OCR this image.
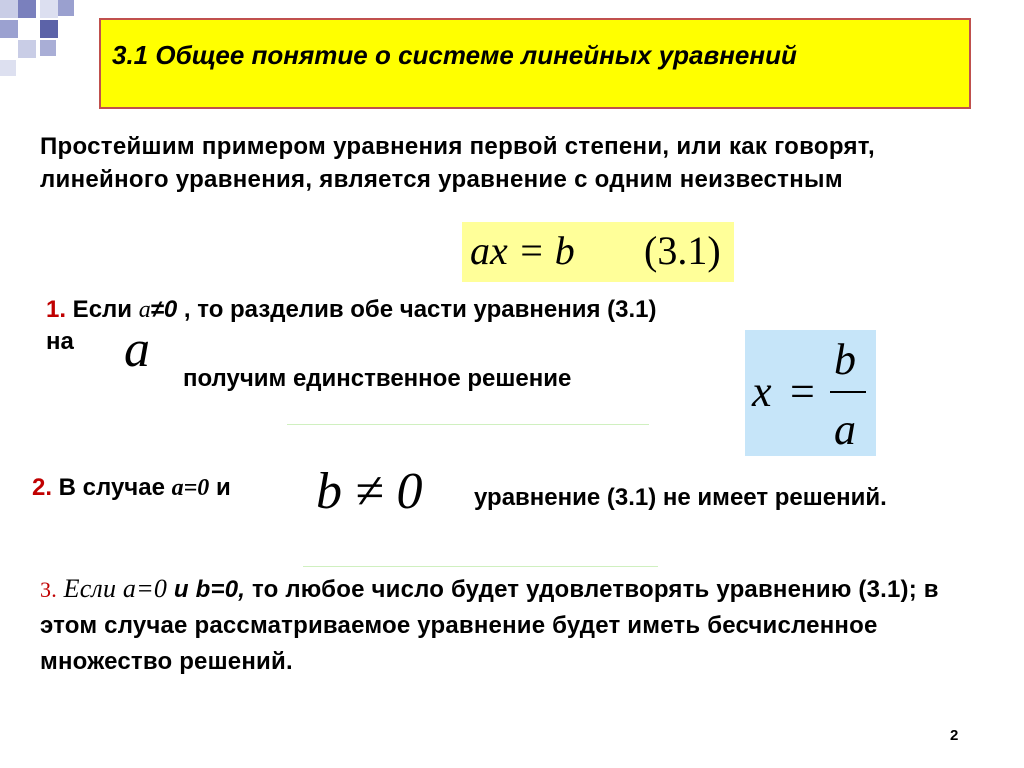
3.1 Общее понятие о системе линейных уравнений
Простейшим примером уравнения первой степени, или как говорят, линейного уравнения, является уравнение с одним неизвестным
ax = b (3.1)
1. Если a≠0 , то разделив обе части уравнения (3.1)
на a
получим единственное решение	x =
b
a
2. В случае a=0 и b ≠ 0 уравнение (3.1) не имеет решений.
3. Если a=0 и b=0, то любое число будет удовлетворять уравнению (3.1); в этом случае рассматриваемое уравнение будет иметь бесчисленное множество решений.
2
